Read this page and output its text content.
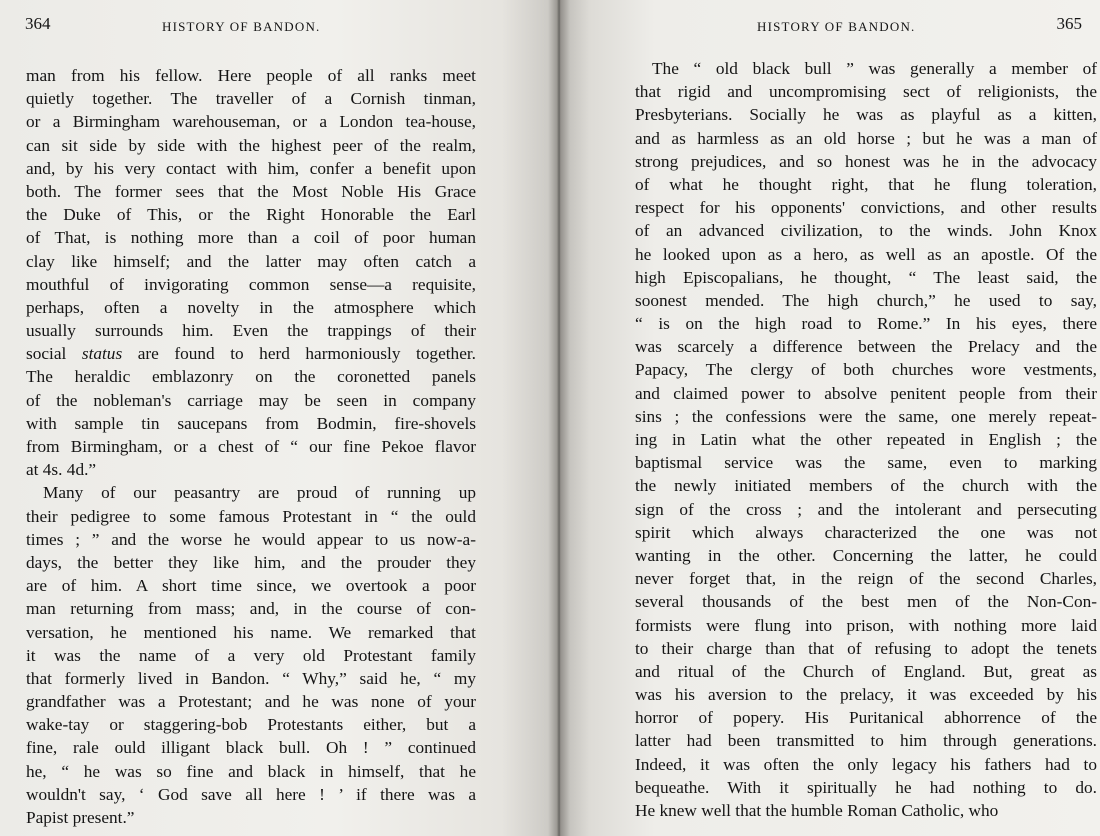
364	HISTORY OF BANDON.
man from his fellow. Here people of all ranks meet
quietly together. The traveller of a Cornish tinman,
or a Birmingham warehouseman, or a London tea-house,
can sit side by side with the highest peer of the realm,
and, by his very contact with him, confer a benefit upon
both. The former sees that the Most Noble His Grace
the Duke of This, or the Right Honorable the Earl
of That, is nothing more than a coil of poor human
clay like himself; and the latter may often catch a
mouthful of invigorating common sense—a requisite,
perhaps, often a novelty in the atmosphere which
usually surrounds him. Even the trappings of their
social status are found to herd harmoniously together.
The heraldic emblazonry on the coronetted panels
of the nobleman's carriage may be seen in company
with sample tin saucepans from Bodmin, fire-shovels
from Birmingham, or a chest of “ our fine Pekoe flavor
at 4s. 4d.”
Many of our peasantry are proud of running up
their pedigree to some famous Protestant in “ the ould
times ; ” and the worse he would appear to us now-a-
days, the better they like him, and the prouder they
are of him. A short time since, we overtook a poor
man returning from mass; and, in the course of con-
versation, he mentioned his name. We remarked that
it was the name of a very old Protestant family
that formerly lived in Bandon. “ Why,” said he, “ my
grandfather was a Protestant; and he was none of your
wake-tay or staggering-bob Protestants either, but a
fine, rale ould illigant black bull. Oh ! ” continued
he, “ he was so fine and black in himself, that he
wouldn't say, ‘ God save all here ! ’ if there was a
Papist present.”
HISTORY OF BANDON.	365
The “ old black bull ” was generally a member of
that rigid and uncompromising sect of religionists, the
Presbyterians. Socially he was as playful as a kitten,
and as harmless as an old horse ; but he was a man of
strong prejudices, and so honest was he in the advocacy
of what he thought right, that he flung toleration,
respect for his opponents' convictions, and other results
of an advanced civilization, to the winds. John Knox
he looked upon as a hero, as well as an apostle. Of the
high Episcopalians, he thought, “ The least said, the
soonest mended. The high church,” he used to say,
“ is on the high road to Rome.” In his eyes, there
was scarcely a difference between the Prelacy and the
Papacy, The clergy of both churches wore vestments,
and claimed power to absolve penitent people from their
sins ; the confessions were the same, one merely repeat-
ing in Latin what the other repeated in English ; the
baptismal service was the same, even to marking
the newly initiated members of the church with the
sign of the cross ; and the intolerant and persecuting
spirit which always characterized the one was not
wanting in the other. Concerning the latter, he could
never forget that, in the reign of the second Charles,
several thousands of the best men of the Non-Con-
formists were flung into prison, with nothing more laid
to their charge than that of refusing to adopt the tenets
and ritual of the Church of England. But, great as
was his aversion to the prelacy, it was exceeded by his
horror of popery. His Puritanical abhorrence of the
latter had been transmitted to him through generations.
Indeed, it was often the only legacy his fathers had to
bequeathe. With it spiritually he had nothing to do.
He knew well that the humble Roman Catholic, who
